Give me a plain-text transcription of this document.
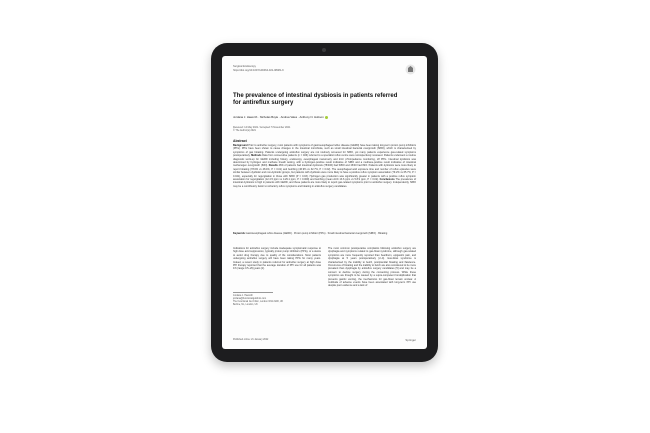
Surgical Endoscopy
https://doi.org/10.1007/s00464-021-08481-9
The prevalence of intestinal dysbiosis in patients referred for antireflux surgery
Jordana J. Haworth · Nicholas Boyle · Andrea Vales · Anthony N. Hobson
Received: 14 May 2021 / Accepted: 5 November 2021
© The Author(s) 2021
Abstract
Background Prior to antireflux surgery, most patients with symptoms of gastroesophageal reflux disease (GERD) have been taking long-term proton pump inhibitors (PPIs). PPIs have been shown to cause changes in the intestinal microbiota, such as small intestinal bacterial overgrowth (SIBO), which is characterised by symptoms of gas bloating. Patients undergoing antireflux surgery are not routinely screened for SIBO, yet many patients experience gas-related symptoms postoperatively. Methods Data from consecutive patients (n = 406) referred to a specialist reflux centre were retrospectively reviewed. Patients underwent a routine diagnostic work-up for GERD including history, endoscopy, oesophageal manometry and 24-h pH-impedance monitoring, off PPIs. Intestinal dysbiosis was determined by hydrogen and methane breath testing, with a hydrogen-positive result indicative of SIBO and a methane-positive result indicative of intestinal methanogen overgrowth (IMO). Results 46% of patients had intestinal dysbiosis (78/406) had SIBO and 15/40 had IMO. Patients with dysbiosis were more likely to report bloating (78.6% vs 48.4%, P = 0.01) and belching (46.9% vs 32.7%, P = 0.02). The oesophageal acid exposure time and number of reflux episodes were similar between dysbiotic and non-dysbiotic groups, but patients with dysbiosis were more likely to have a positive reflux symptom association (79.2% vs 65.7%, P = 0.041), especially for regurgitation in those with SIBO (P = 0.03). Hydrogen gas production was significantly greater in patients with a positive reflux symptom association for regurgitation (12.4.5 ppm vs 4.29.1 ppm, P = 0.009) and belching (mean AUC 13.6 ppm vs 5.8.9 ppm, P = 0.02). Conclusions The prevalence of intestinal dysbiosis is high in patients with GERD, and these patients are more likely to report gas-related symptoms prior to antireflux surgery. Independently, SIBO may be a contributory factor to refractory reflux symptoms and bloating in antireflux surgery candidates.
Keywords Gastroesophageal reflux disease (GERD) · Proton pump inhibitor (PPIs) · Small intestinal bacterial overgrowth (SIBO) · Bloating
Indications for antireflux surgery include inadequate symptomatic response to high dose acid suppression, typically proton pump inhibitors (PPIs), or a desire to avoid drug therapy due to quality of life considerations. Most patients undergoing antireflux surgery will have been taking PPIs for many years. Indeed, a recent study in patients referred for antireflux surgery at high dose PPI therapy reported that the average duration of PPI use for all patients was 9.6 (range 0.5–26) years [1].
The most common postoperative complaints following antireflux surgery are dysphagia and symptoms related to gas-bloat syndrome, although gas-related symptoms are more frequently reported than heartburn, epigastric pain, and dysphagia at 5 years postoperatively [2–4]. Gas-bloat syndrome is characterised by the inability to belch, postprandial bloating and flatulence. Occurrence of bloating and the inability to belch are also considered to be more prevalent than dysphagia by antireflux surgery candidates [5] and may be a concern to decline surgery during the consenting process. While these symptoms are thought to be caused by a supra-competent fundoplication that prevents gastric venting, the mechanisms for gas-bloat remain unclear. A multitude of adverse events have been associated with long-term PPI use despite poor evidence and a lack of
Jordana J. Haworth
jordana@functionalgutclinic.com
The Functional Gut Clinic, London W1G 8AR, UK
BeOne, NL, London, UK
Published online: 21 January 2022	Springer
